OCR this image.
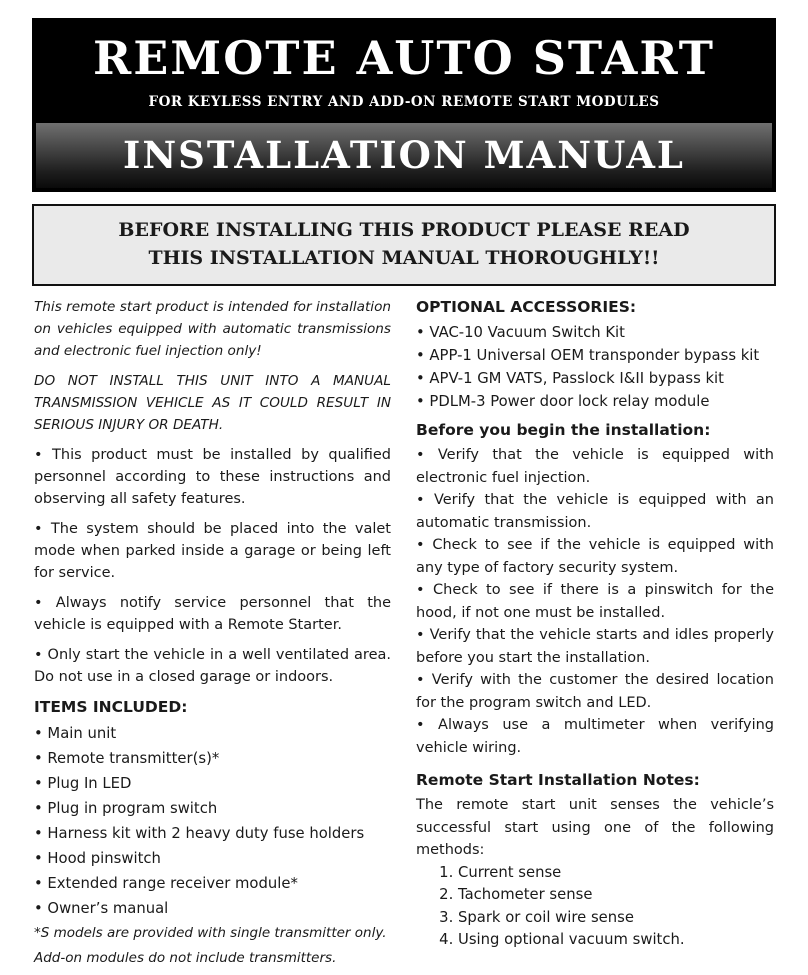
REMOTE AUTO START
FOR KEYLESS ENTRY AND ADD-ON REMOTE START MODULES
INSTALLATION MANUAL
BEFORE INSTALLING THIS PRODUCT PLEASE READ
THIS INSTALLATION MANUAL THOROUGHLY!!
This remote start product is intended for installation on vehicles equipped with automatic transmissions and electronic fuel injection only!
DO NOT INSTALL THIS UNIT INTO A MANUAL TRANSMISSION VEHICLE AS IT COULD RESULT IN SERIOUS INJURY OR DEATH.
• This product must be installed by qualified personnel according to these instructions and observing all safety features.
• The system should be placed into the valet mode when parked inside a garage or being left for service.
• Always notify service personnel that the vehicle is equipped with a Remote Starter.
• Only start the vehicle in a well ventilated area. Do not use in a closed garage or indoors.
ITEMS INCLUDED:
• Main unit
• Remote transmitter(s)*
• Plug In LED
• Plug in program switch
• Harness kit with 2 heavy duty fuse holders
• Hood pinswitch
• Extended range receiver module*
• Owner’s manual
*S models are provided with single transmitter only.
Add-on modules do not include transmitters.
OPTIONAL ACCESSORIES:
• VAC-10 Vacuum Switch Kit
• APP-1 Universal OEM transponder bypass kit
• APV-1 GM VATS, Passlock I&II bypass kit
• PDLM-3 Power door lock relay module
Before you begin the installation:
• Verify that the vehicle is equipped with electronic fuel injection.
• Verify that the vehicle is equipped with an automatic transmission.
• Check to see if the vehicle is equipped with any type of factory security system.
• Check to see if there is a pinswitch for the hood, if not one must be installed.
• Verify that the vehicle starts and idles properly before you start the installation.
• Verify with the customer the desired location for the program switch and LED.
• Always use a multimeter when verifying vehicle wiring.
Remote Start Installation Notes:
The remote start unit senses the vehicle’s successful start using one of the following methods:
1. Current sense
2. Tachometer sense
3. Spark or coil wire sense
4. Using optional vacuum switch.
